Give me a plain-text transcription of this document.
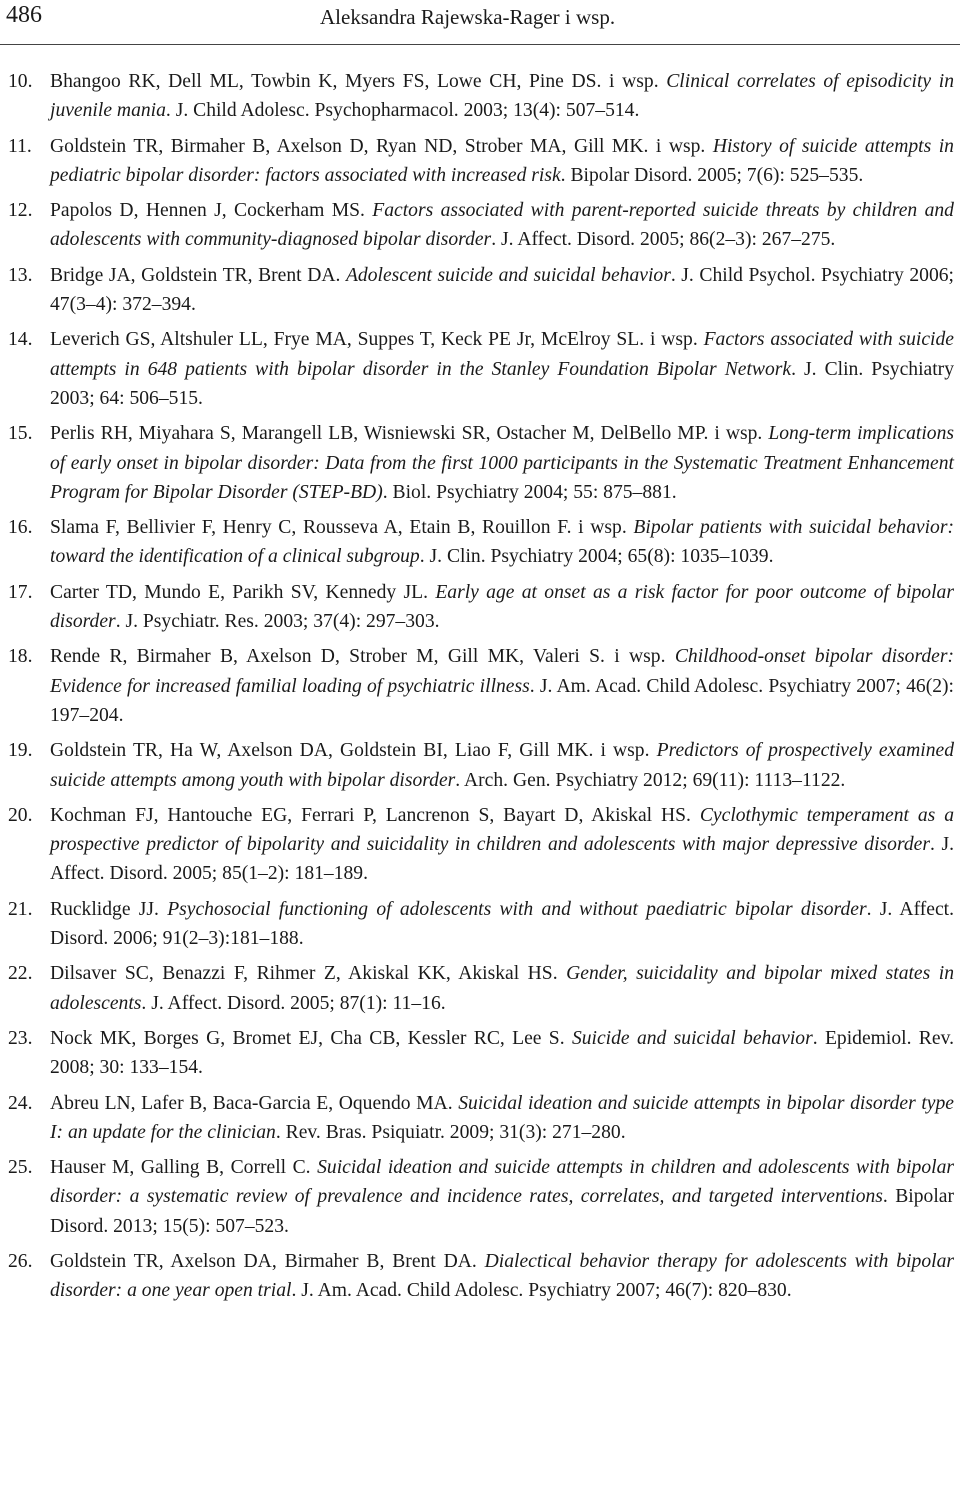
486	Aleksandra Rajewska-Rager i wsp.
10. Bhangoo RK, Dell ML, Towbin K, Myers FS, Lowe CH, Pine DS. i wsp. Clinical correlates of episodicity in juvenile mania. J. Child Adolesc. Psychopharmacol. 2003; 13(4): 507–514.
11. Goldstein TR, Birmaher B, Axelson D, Ryan ND, Strober MA, Gill MK. i wsp. History of suicide attempts in pediatric bipolar disorder: factors associated with increased risk. Bipolar Disord. 2005; 7(6): 525–535.
12. Papolos D, Hennen J, Cockerham MS. Factors associated with parent-reported suicide threats by children and adolescents with community-diagnosed bipolar disorder. J. Affect. Disord. 2005; 86(2–3): 267–275.
13. Bridge JA, Goldstein TR, Brent DA. Adolescent suicide and suicidal behavior. J. Child Psychol. Psychiatry 2006; 47(3–4): 372–394.
14. Leverich GS, Altshuler LL, Frye MA, Suppes T, Keck PE Jr, McElroy SL. i wsp. Factors associated with suicide attempts in 648 patients with bipolar disorder in the Stanley Foundation Bipolar Network. J. Clin. Psychiatry 2003; 64: 506–515.
15. Perlis RH, Miyahara S, Marangell LB, Wisniewski SR, Ostacher M, DelBello MP. i wsp. Long-term implications of early onset in bipolar disorder: Data from the first 1000 participants in the Systematic Treatment Enhancement Program for Bipolar Disorder (STEP-BD). Biol. Psychiatry 2004; 55: 875–881.
16. Slama F, Bellivier F, Henry C, Rousseva A, Etain B, Rouillon F. i wsp. Bipolar patients with suicidal behavior: toward the identification of a clinical subgroup. J. Clin. Psychiatry 2004; 65(8): 1035–1039.
17. Carter TD, Mundo E, Parikh SV, Kennedy JL. Early age at onset as a risk factor for poor outcome of bipolar disorder. J. Psychiatr. Res. 2003; 37(4): 297–303.
18. Rende R, Birmaher B, Axelson D, Strober M, Gill MK, Valeri S. i wsp. Childhood-onset bipolar disorder: Evidence for increased familial loading of psychiatric illness. J. Am. Acad. Child Adolesc. Psychiatry 2007; 46(2): 197–204.
19. Goldstein TR, Ha W, Axelson DA, Goldstein BI, Liao F, Gill MK. i wsp. Predictors of prospectively examined suicide attempts among youth with bipolar disorder. Arch. Gen. Psychiatry 2012; 69(11): 1113–1122.
20. Kochman FJ, Hantouche EG, Ferrari P, Lancrenon S, Bayart D, Akiskal HS. Cyclothymic temperament as a prospective predictor of bipolarity and suicidality in children and adolescents with major depressive disorder. J. Affect. Disord. 2005; 85(1–2): 181–189.
21. Rucklidge JJ. Psychosocial functioning of adolescents with and without paediatric bipolar disorder. J. Affect. Disord. 2006; 91(2–3):181–188.
22. Dilsaver SC, Benazzi F, Rihmer Z, Akiskal KK, Akiskal HS. Gender, suicidality and bipolar mixed states in adolescents. J. Affect. Disord. 2005; 87(1): 11–16.
23. Nock MK, Borges G, Bromet EJ, Cha CB, Kessler RC, Lee S. Suicide and suicidal behavior. Epidemiol. Rev. 2008; 30: 133–154.
24. Abreu LN, Lafer B, Baca-Garcia E, Oquendo MA. Suicidal ideation and suicide attempts in bipolar disorder type I: an update for the clinician. Rev. Bras. Psiquiatr. 2009; 31(3): 271–280.
25. Hauser M, Galling B, Correll C. Suicidal ideation and suicide attempts in children and adolescents with bipolar disorder: a systematic review of prevalence and incidence rates, correlates, and targeted interventions. Bipolar Disord. 2013; 15(5): 507–523.
26. Goldstein TR, Axelson DA, Birmaher B, Brent DA. Dialectical behavior therapy for adolescents with bipolar disorder: a one year open trial. J. Am. Acad. Child Adolesc. Psychiatry 2007; 46(7): 820–830.
